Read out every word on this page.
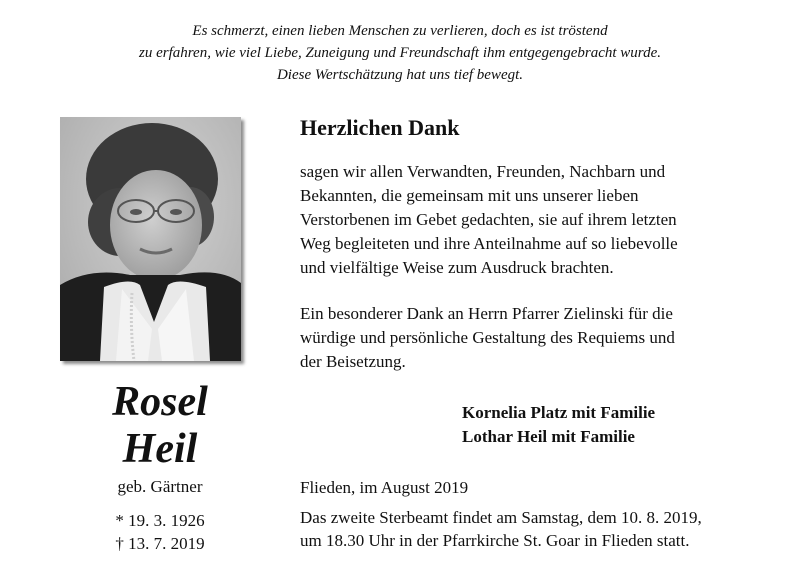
Es schmerzt, einen lieben Menschen zu verlieren, doch es ist tröstend
zu erfahren, wie viel Liebe, Zuneigung und Freundschaft ihm entgegengebracht wurde.
Diese Wertschätzung hat uns tief bewegt.
Rosel
Heil
geb. Gärtner
* 19. 3. 1926
† 13. 7. 2019
Herzlichen Dank
sagen wir allen Verwandten, Freunden, Nachbarn und
Bekannten, die gemeinsam mit uns unserer lieben
Verstorbenen im Gebet gedachten, sie auf ihrem letzten
Weg begleiteten und ihre Anteilnahme auf so liebevolle
und vielfältige Weise zum Ausdruck brachten.
Ein besonderer Dank an Herrn Pfarrer Zielinski für die
würdige und persönliche Gestaltung des Requiems und
der Beisetzung.
Kornelia Platz mit Familie
Lothar Heil mit Familie
Flieden, im August 2019
Das zweite Sterbeamt findet am Samstag, dem 10. 8. 2019,
um 18.30 Uhr in der Pfarrkirche St. Goar in Flieden statt.
